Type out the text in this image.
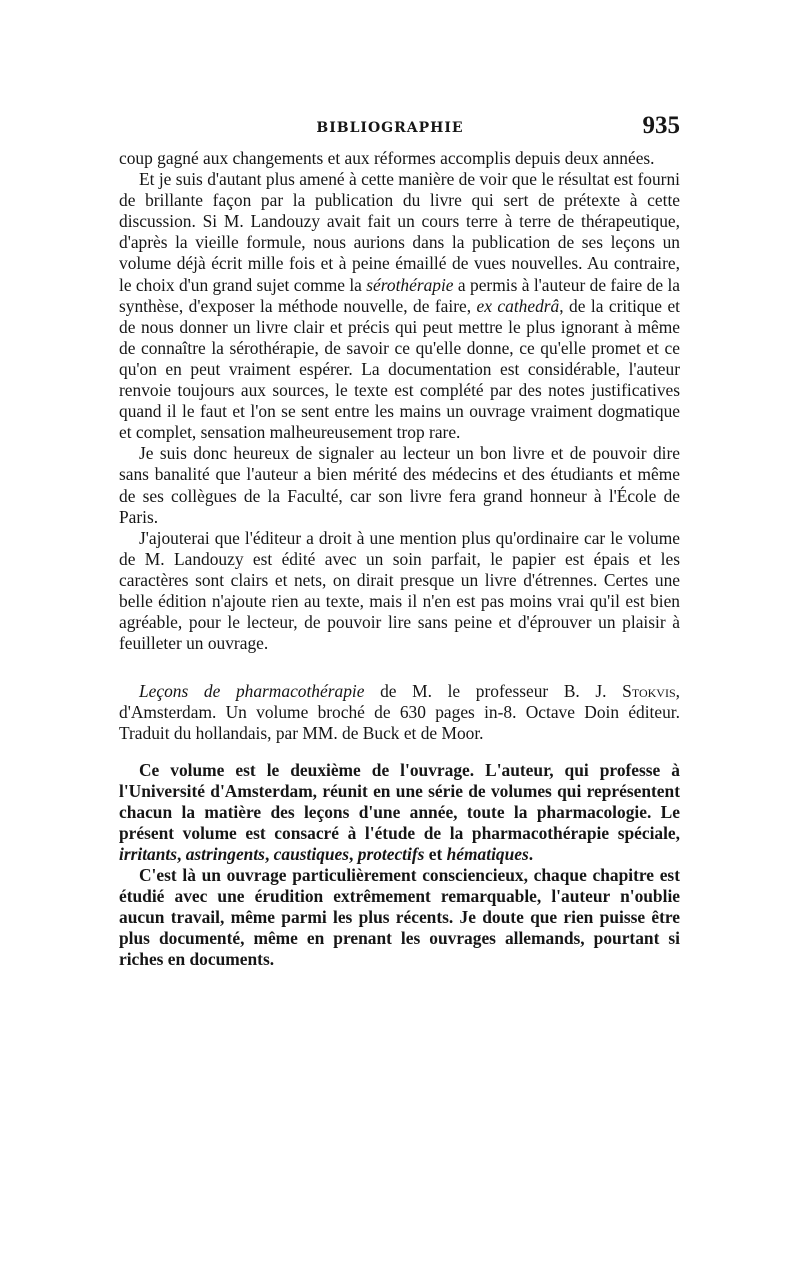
BIBLIOGRAPHIE	935

coup gagné aux changements et aux réformes accomplis depuis deux années.

Et je suis d'autant plus amené à cette manière de voir que le résultat est fourni de brillante façon par la publication du livre qui sert de prétexte à cette discussion. Si M. Landouzy avait fait un cours terre à terre de thérapeutique, d'après la vieille formule, nous aurions dans la publication de ses leçons un volume déjà écrit mille fois et à peine émaillé de vues nouvelles. Au contraire, le choix d'un grand sujet comme la sérothérapie a permis à l'auteur de faire de la synthèse, d'exposer la méthode nouvelle, de faire, ex cathedrâ, de la critique et de nous donner un livre clair et précis qui peut mettre le plus ignorant à même de connaître la sérothérapie, de savoir ce qu'elle donne, ce qu'elle promet et ce qu'on en peut vraiment espérer. La documentation est considérable, l'auteur renvoie toujours aux sources, le texte est complété par des notes justificatives quand il le faut et l'on se sent entre les mains un ouvrage vraiment dogmatique et complet, sensation malheureusement trop rare.

Je suis donc heureux de signaler au lecteur un bon livre et de pouvoir dire sans banalité que l'auteur a bien mérité des médecins et des étudiants et même de ses collègues de la Faculté, car son livre fera grand honneur à l'École de Paris.

J'ajouterai que l'éditeur a droit à une mention plus qu'ordinaire car le volume de M. Landouzy est édité avec un soin parfait, le papier est épais et les caractères sont clairs et nets, on dirait presque un livre d'étrennes. Certes une belle édition n'ajoute rien au texte, mais il n'en est pas moins vrai qu'il est bien agréable, pour le lecteur, de pouvoir lire sans peine et d'éprouver un plaisir à feuilleter un ouvrage.

Leçons de pharmacothérapie de M. le professeur B. J. Stokvis, d'Amsterdam. Un volume broché de 630 pages in-8. Octave Doin éditeur. Traduit du hollandais, par MM. de Buck et de Moor.

Ce volume est le deuxième de l'ouvrage. L'auteur, qui professe à l'Université d'Amsterdam, réunit en une série de volumes qui représentent chacun la matière des leçons d'une année, toute la pharmacologie. Le présent volume est consacré à l'étude de la pharmacothérapie spéciale, irritants, astringents, caustiques, protectifs et hématiques.

C'est là un ouvrage particulièrement consciencieux, chaque chapitre est étudié avec une érudition extrêmement remarquable, l'auteur n'oublie aucun travail, même parmi les plus récents. Je doute que rien puisse être plus documenté, même en prenant les ouvrages allemands, pourtant si riches en documents.
